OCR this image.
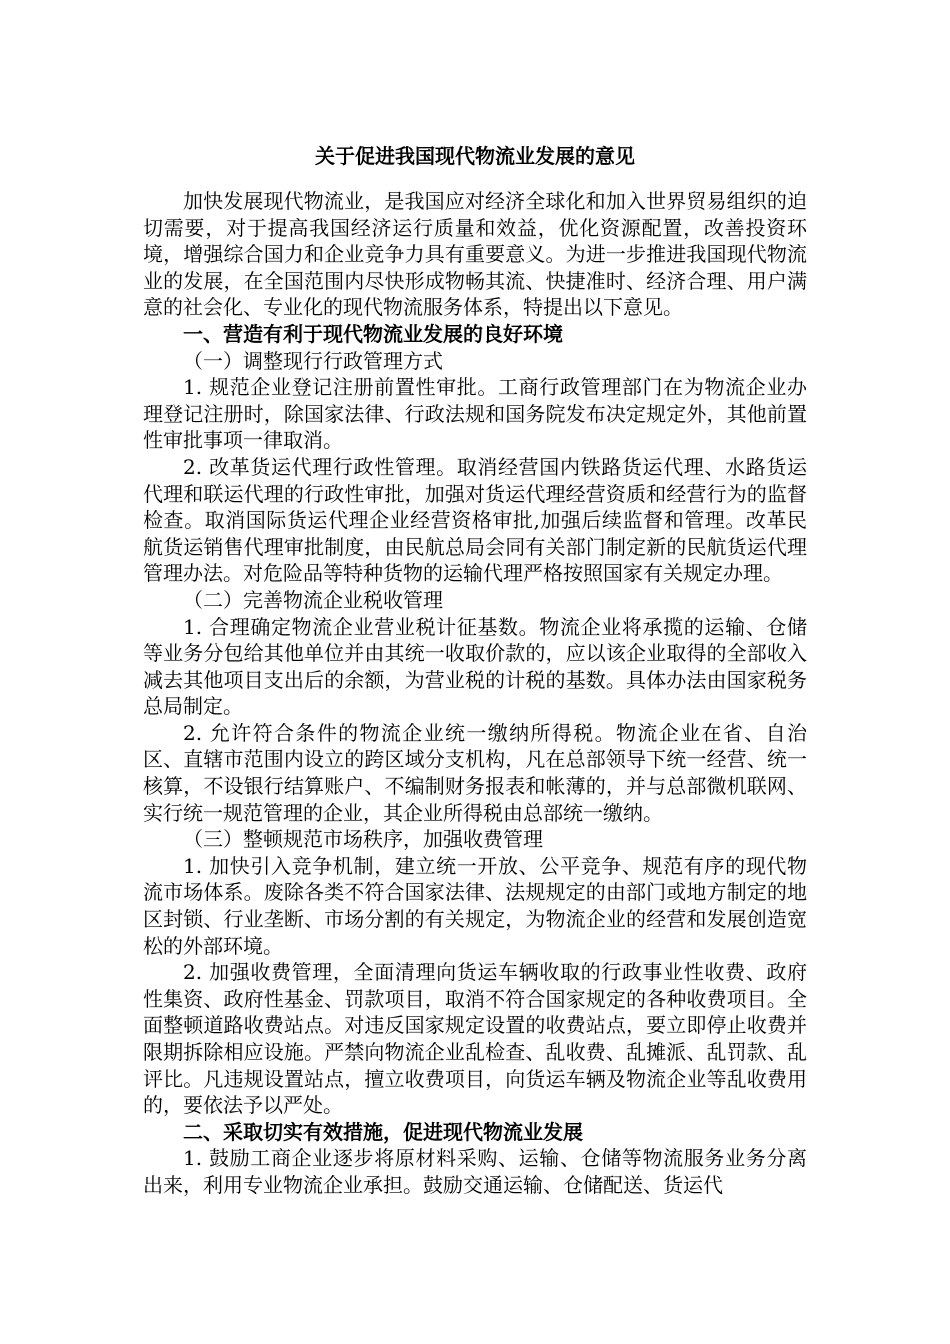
关于促进我国现代物流业发展的意见

加快发展现代物流业，是我国应对经济全球化和加入世界贸易组织的迫切需要，对于提高我国经济运行质量和效益，优化资源配置，改善投资环境，增强综合国力和企业竞争力具有重要意义。为进一步推进我国现代物流业的发展，在全国范围内尽快形成物畅其流、快捷准时、经济合理、用户满意的社会化、专业化的现代物流服务体系，特提出以下意见。

一、营造有利于现代物流业发展的良好环境

（一）调整现行行政管理方式

1. 规范企业登记注册前置性审批。工商行政管理部门在为物流企业办理登记注册时，除国家法律、行政法规和国务院发布决定规定外，其他前置性审批事项一律取消。

2. 改革货运代理行政性管理。取消经营国内铁路货运代理、水路货运代理和联运代理的行政性审批，加强对货运代理经营资质和经营行为的监督检查。取消国际货运代理企业经营资格审批,加强后续监督和管理。改革民航货运销售代理审批制度，由民航总局会同有关部门制定新的民航货运代理管理办法。对危险品等特种货物的运输代理严格按照国家有关规定办理。

（二）完善物流企业税收管理

1. 合理确定物流企业营业税计征基数。物流企业将承揽的运输、仓储等业务分包给其他单位并由其统一收取价款的，应以该企业取得的全部收入减去其他项目支出后的余额，为营业税的计税的基数。具体办法由国家税务总局制定。

2. 允许符合条件的物流企业统一缴纳所得税。物流企业在省、自治区、直辖市范围内设立的跨区域分支机构，凡在总部领导下统一经营、统一核算，不设银行结算账户、不编制财务报表和帐薄的，并与总部微机联网、实行统一规范管理的企业，其企业所得税由总部统一缴纳。

（三）整顿规范市场秩序，加强收费管理

1. 加快引入竞争机制，建立统一开放、公平竞争、规范有序的现代物流市场体系。废除各类不符合国家法律、法规规定的由部门或地方制定的地区封锁、行业垄断、市场分割的有关规定，为物流企业的经营和发展创造宽松的外部环境。

2. 加强收费管理，全面清理向货运车辆收取的行政事业性收费、政府性集资、政府性基金、罚款项目，取消不符合国家规定的各种收费项目。全面整顿道路收费站点。对违反国家规定设置的收费站点，要立即停止收费并限期拆除相应设施。严禁向物流企业乱检查、乱收费、乱摊派、乱罚款、乱评比。凡违规设置站点，擅立收费项目，向货运车辆及物流企业等乱收费用的，要依法予以严处。

二、采取切实有效措施，促进现代物流业发展

1. 鼓励工商企业逐步将原材料采购、运输、仓储等物流服务业务分离出来，利用专业物流企业承担。鼓励交通运输、仓储配送、货运代
